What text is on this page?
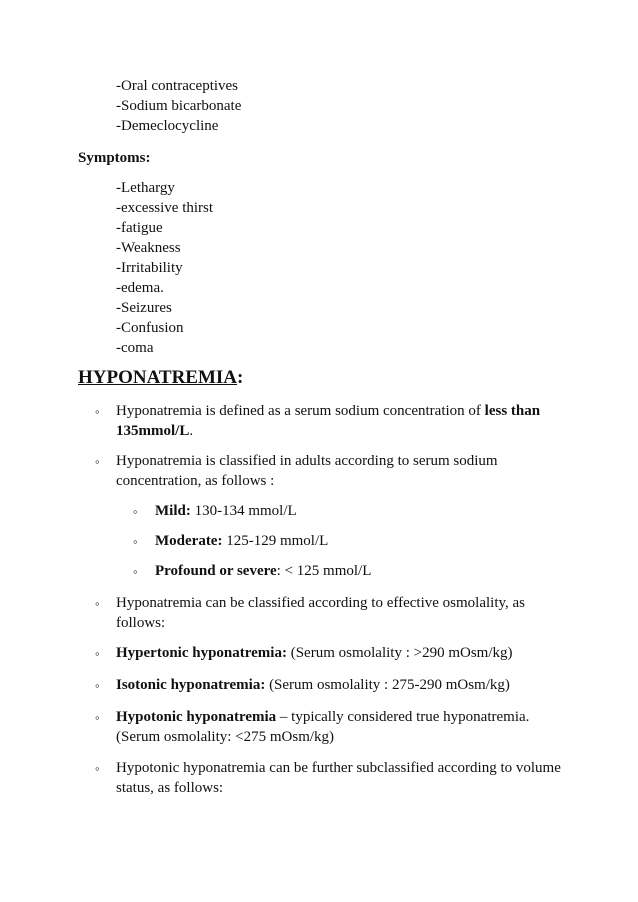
-Oral contraceptives
-Sodium bicarbonate
-Demeclocycline
Symptoms:
-Lethargy
-excessive thirst
-fatigue
-Weakness
-Irritability
-edema.
-Seizures
-Confusion
-coma
HYPONATREMIA:
◦ Hyponatremia is defined as a serum sodium concentration of less than
135mmol/L.
◦ Hyponatremia is classified in adults according to serum sodium
concentration, as follows :
◦ Mild: 130-134 mmol/L
◦ Moderate: 125-129 mmol/L
◦ Profound or severe: < 125 mmol/L
◦ Hyponatremia can be classified according to effective osmolality, as
follows:
◦ Hypertonic hyponatremia: (Serum osmolality : >290 mOsm/kg)
◦ Isotonic hyponatremia: (Serum osmolality : 275-290 mOsm/kg)
◦ Hypotonic hyponatremia – typically considered true hyponatremia.
(Serum osmolality: <275 mOsm/kg)
◦ Hypotonic hyponatremia can be further subclassified according to volume
status, as follows:
